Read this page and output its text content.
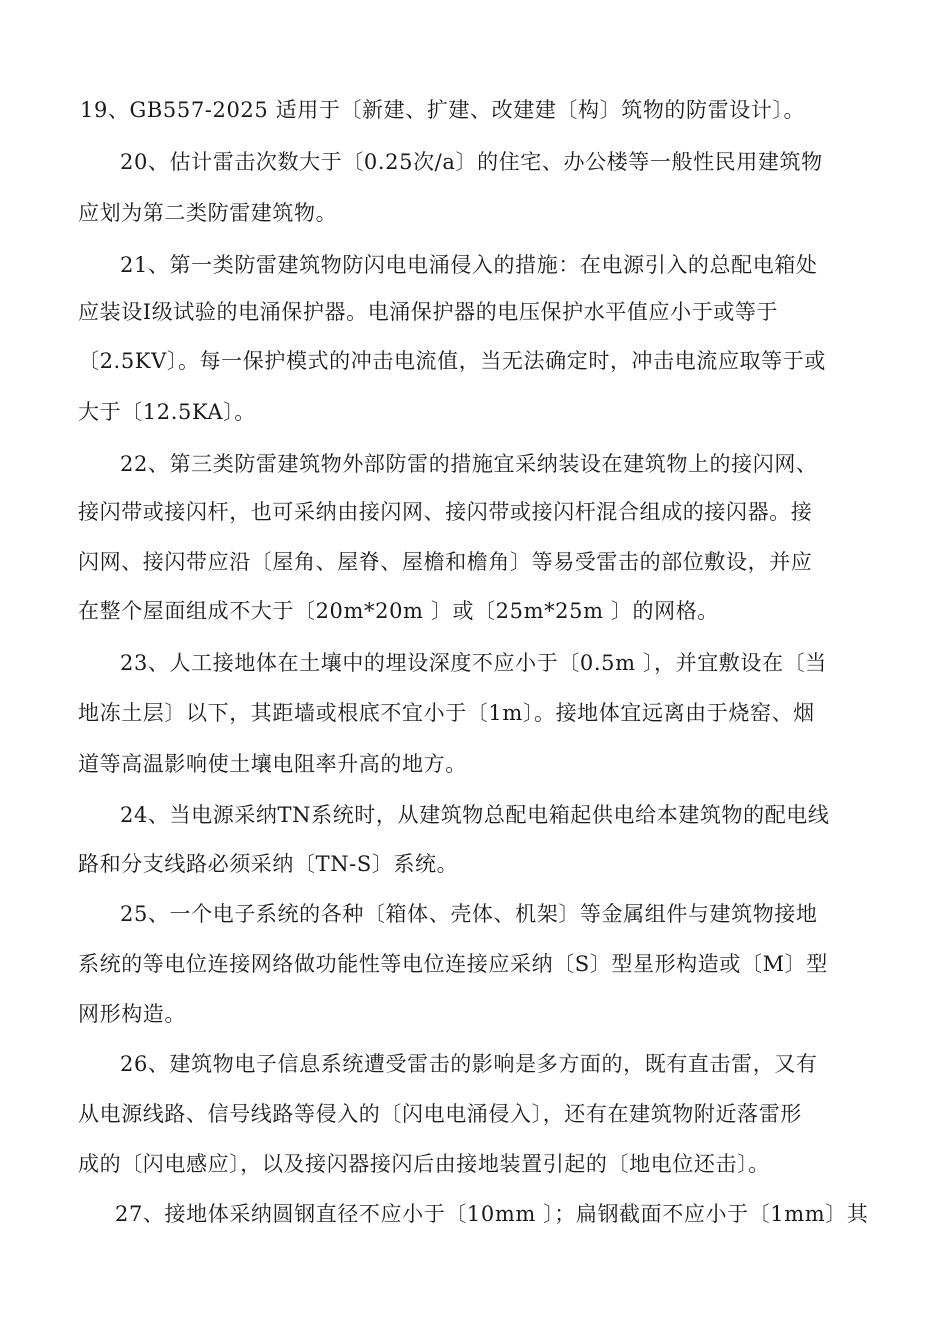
19、GB557-2025 适用于〔新建、扩建、改建建〔构〕筑物的防雷设计〕。
20、估计雷击次数大于〔0.25次/a〕的住宅、办公楼等一般性民用建筑物
应划为第二类防雷建筑物。
21、第一类防雷建筑物防闪电电涌侵入的措施：在电源引入的总配电箱处
应装设Ⅰ级试验的电涌保护器。电涌保护器的电压保护水平值应小于或等于
〔2.5KV〕。每一保护模式的冲击电流值，当无法确定时，冲击电流应取等于或
大于〔12.5KA〕。
22、第三类防雷建筑物外部防雷的措施宜采纳装设在建筑物上的接闪网、
接闪带或接闪杆，也可采纳由接闪网、接闪带或接闪杆混合组成的接闪器。接
闪网、接闪带应沿〔屋角、屋脊、屋檐和檐角〕等易受雷击的部位敷设，并应
在整个屋面组成不大于〔20m*20m 〕或〔25m*25m 〕的网格。
23、人工接地体在土壤中的埋设深度不应小于〔0.5m 〕，并宜敷设在〔当
地冻土层〕以下，其距墙或根底不宜小于〔1m〕。接地体宜远离由于烧窑、烟
道等高温影响使土壤电阻率升高的地方。
24、当电源采纳TN系统时，从建筑物总配电箱起供电给本建筑物的配电线
路和分支线路必须采纳〔TN-S〕系统。
25、一个电子系统的各种〔箱体、壳体、机架〕等金属组件与建筑物接地
系统的等电位连接网络做功能性等电位连接应采纳〔S〕型星形构造或〔M〕型
网形构造。
26、建筑物电子信息系统遭受雷击的影响是多方面的，既有直击雷，又有
从电源线路、信号线路等侵入的〔闪电电涌侵入〕，还有在建筑物附近落雷形
成的〔闪电感应〕，以及接闪器接闪后由接地装置引起的〔地电位还击〕。
27、接地体采纳圆钢直径不应小于〔10mm 〕；扁钢截面不应小于〔1mm〕其
